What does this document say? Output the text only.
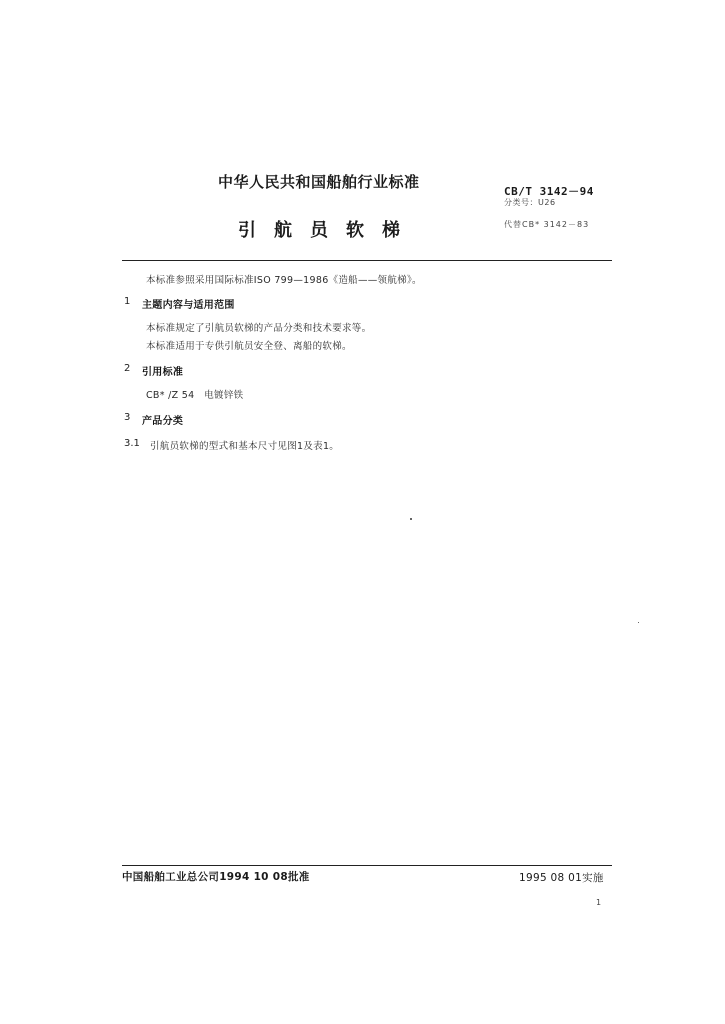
中华人民共和国船舶行业标准
引	航	员	软	梯
CB/T 3142－94
分类号：U26
代替CB* 3142－83
本标准参照采用国际标准ISO 799—1986《造船——领航梯》。
1 主题内容与适用范围
本标准规定了引航员软梯的产品分类和技术要求等。
本标准适用于专供引航员安全登、离船的软梯。
2 引用标准
CB* /Z 54　电镀锌铁
3 产品分类
3.1 引航员软梯的型式和基本尺寸见图1及表1。
中国船舶工业总公司1994 10 08批准	1995 08 01实施
1
